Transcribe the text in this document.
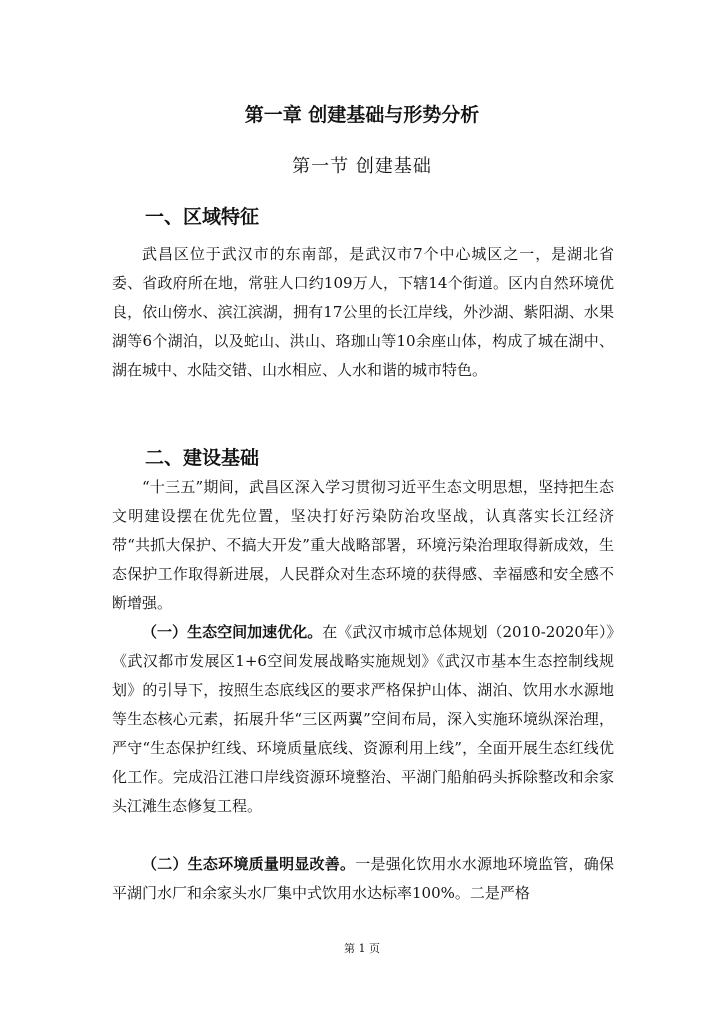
第一章 创建基础与形势分析
第一节 创建基础
一、区域特征

武昌区位于武汉市的东南部，是武汉市7个中心城区之一，是湖北省委、省政府所在地，常驻人口约109万人，下辖14个街道。区内自然环境优良，依山傍水、滨江滨湖，拥有17公里的长江岸线，外沙湖、紫阳湖、水果湖等6个湖泊，以及蛇山、洪山、珞珈山等10余座山体，构成了城在湖中、湖在城中、水陆交错、山水相应、人水和谐的城市特色。

二、建设基础

“十三五”期间，武昌区深入学习贯彻习近平生态文明思想，坚持把生态文明建设摆在优先位置，坚决打好污染防治攻坚战，认真落实长江经济带“共抓大保护、不搞大开发”重大战略部署，环境污染治理取得新成效，生态保护工作取得新进展，人民群众对生态环境的获得感、幸福感和安全感不断增强。

（一）生态空间加速优化。在《武汉市城市总体规划（2010-2020年）》《武汉都市发展区1+6空间发展战略实施规划》《武汉市基本生态控制线规划》的引导下，按照生态底线区的要求严格保护山体、湖泊、饮用水水源地等生态核心元素，拓展升华“三区两翼”空间布局，深入实施环境纵深治理，严守“生态保护红线、环境质量底线、资源利用上线”，全面开展生态红线优化工作。完成沿江港口岸线资源环境整治、平湖门船舶码头拆除整改和余家头江滩生态修复工程。

（二）生态环境质量明显改善。一是强化饮用水水源地环境监管，确保平湖门水厂和余家头水厂集中式饮用水达标率100%。二是严格

第 1 页
